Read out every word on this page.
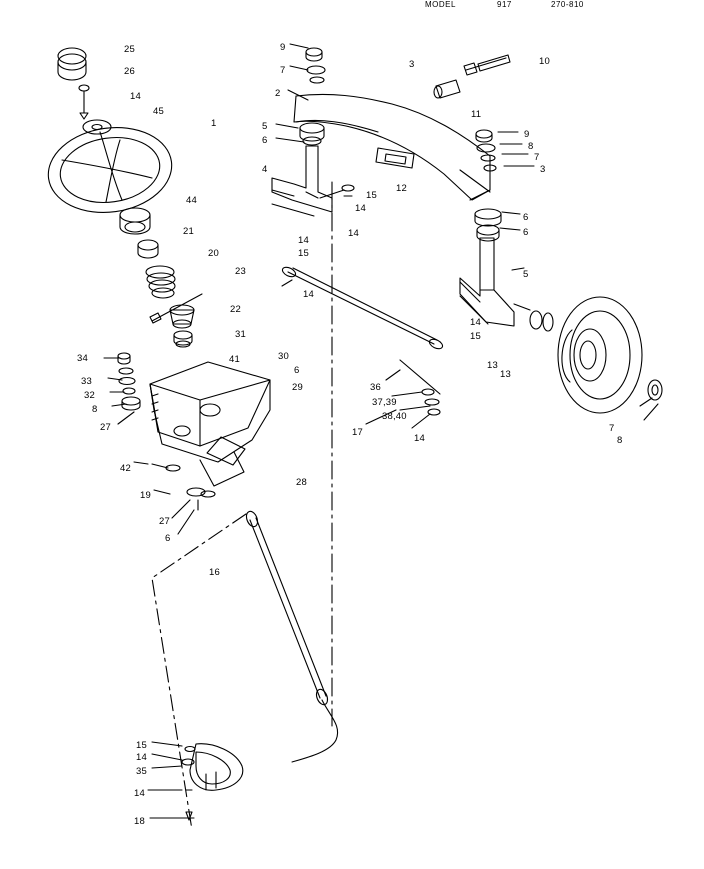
MODEL	917	270-810
25
26
14
45
1
44
21
20
23
22
31
34
33
32
8
27
42
19
27
6
41	30
6
29
28
16
15
14
35
14
18
9
7
2
5
6
4
3	10
11
9
8
7
3
6
6
12
15
14
14
14
15
14
5
14
15
13
13
7
8
36
37,39
38,40
17
14
